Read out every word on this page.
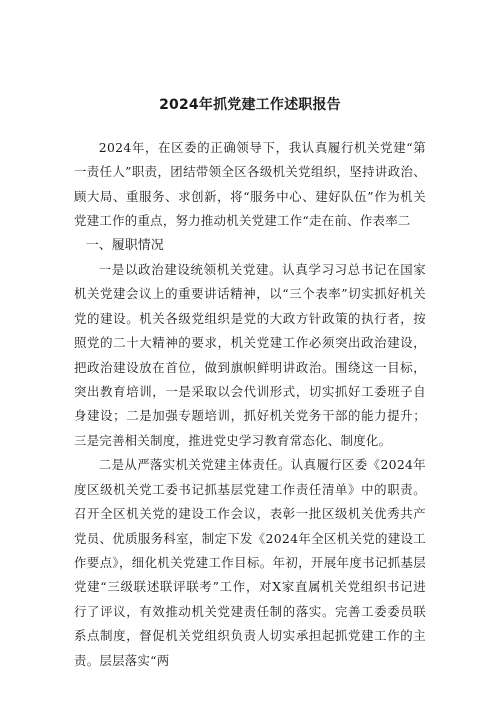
2024年抓党建工作述职报告

2024年，在区委的正确领导下，我认真履行机关党建“第一责任人”职责，团结带领全区各级机关党组织，坚持讲政治、顾大局、重服务、求创新，将“服务中心、建好队伍”作为机关党建工作的重点，努力推动机关党建工作“走在前、作表率二

一、履职情况

一是以政治建设统领机关党建。认真学习习总书记在国家机关党建会议上的重要讲话精神，以“三个表率”切实抓好机关党的建设。机关各级党组织是党的大政方针政策的执行者，按照党的二十大精神的要求，机关党建工作必须突出政治建设，把政治建设放在首位，做到旗帜鲜明讲政治。围绕这一目标，突出教育培训，一是采取以会代训形式，切实抓好工委班子自身建设；二是加强专题培训，抓好机关党务干部的能力提升；三是完善相关制度，推进党史学习教育常态化、制度化。

二是从严落实机关党建主体责任。认真履行区委《2024年度区级机关党工委书记抓基层党建工作责任清单》中的职责。召开全区机关党的建设工作会议，表彰一批区级机关优秀共产党员、优质服务科室，制定下发《2024年全区机关党的建设工作要点》，细化机关党建工作目标。年初，开展年度书记抓基层党建“三级联述联评联考”工作，对X家直属机关党组织书记进行了评议，有效推动机关党建责任制的落实。完善工委委员联系点制度，督促机关党组织负责人切实承担起抓党建工作的主责。层层落实“两
